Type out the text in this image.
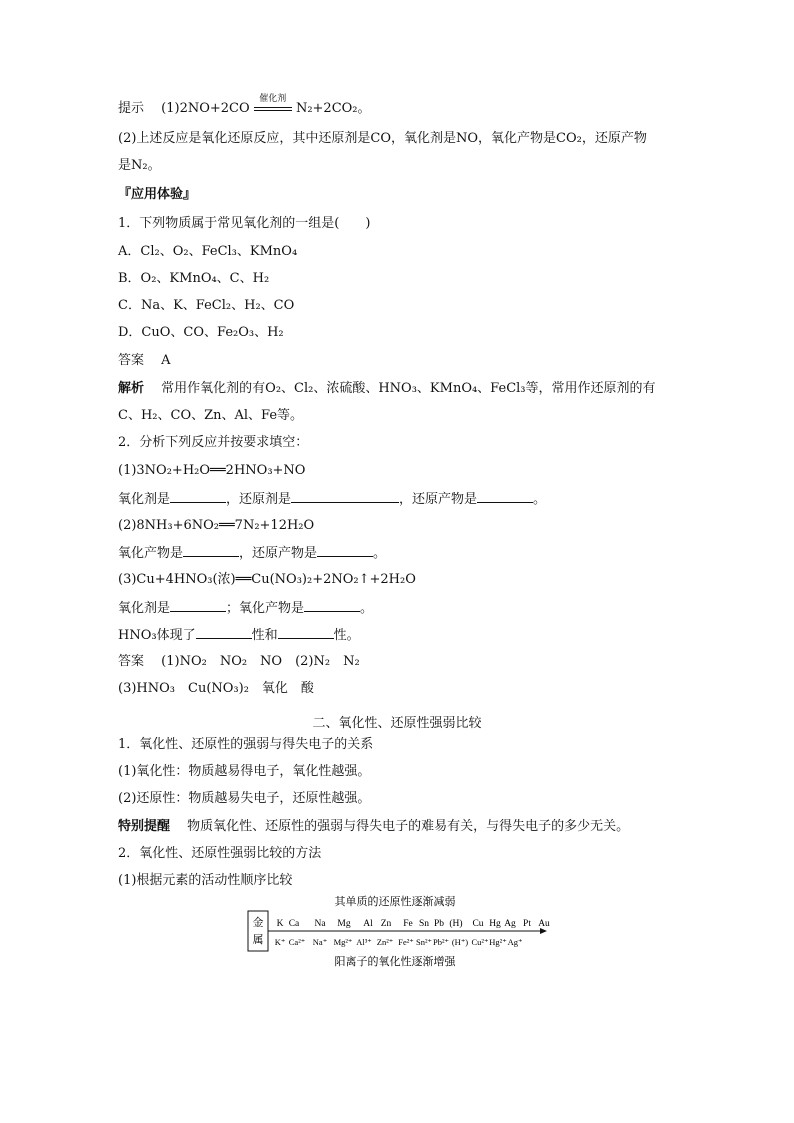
提示　 (1)2NO+2CO
催化剂
N₂+2CO₂。
(2)上述反应是氧化还原反应，其中还原剂是CO，氧化剂是NO，氧化产物是CO₂，还原产物
是N₂。
『应用体验』
1．下列物质属于常见氧化剂的一组是(　　)
A．Cl₂、O₂、FeCl₃、KMnO₄
B．O₂、KMnO₄、C、H₂
C．Na、K、FeCl₂、H₂、CO
D．CuO、CO、Fe₂O₃、H₂
答案　 A
解析　 常用作氧化剂的有O₂、Cl₂、浓硫酸、HNO₃、KMnO₄、FeCl₃等，常用作还原剂的有
C、H₂、CO、Zn、Al、Fe等。
2．分析下列反应并按要求填空：
(1)3NO₂+H₂O══2HNO₃+NO
氧化剂是	，还原剂是	，还原产物是	。
(2)8NH₃+6NO₂══7N₂+12H₂O
氧化产物是	，还原产物是	。
(3)Cu+4HNO₃(浓)══Cu(NO₃)₂+2NO₂↑+2H₂O
氧化剂是	；氧化产物是	。
HNO₃体现了	性和	性。
答案　 (1)NO₂　NO₂　NO　(2)N₂　N₂
(3)HNO₃　Cu(NO₃)₂　氧化　酸
二、氧化性、还原性强弱比较
1．氧化性、还原性的强弱与得失电子的关系
(1)氧化性：物质越易得电子，氧化性越强。
(2)还原性：物质越易失电子，还原性越强。
特别提醒　 物质氧化性、还原性的强弱与得失电子的难易有关，与得失电子的多少无关。
2．氧化性、还原性强弱比较的方法
(1)根据元素的活动性顺序比较
其单质的还原性逐渐减弱
金
属
K Ca Na Mg Al Zn Fe Sn Pb (H) Cu Hg Ag Pt Au
K⁺ Ca²⁺ Na⁺ Mg²⁺ Al³⁺ Zn²⁺ Fe²⁺ Sn²⁺ Pb²⁺ (H⁺) Cu²⁺ Hg²⁺ Ag⁺
阳离子的氧化性逐渐增强
